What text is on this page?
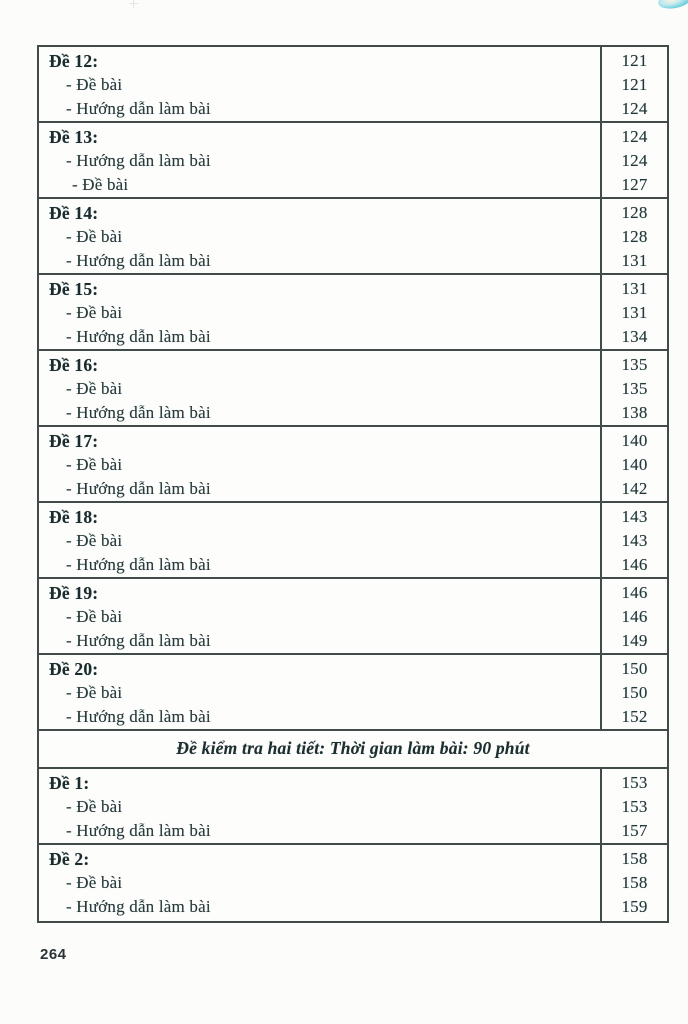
Đề 12:
- Đề bài
- Hướng dẫn làm bài
121
121
124
Đề 13:
- Hướng dẫn làm bài
- Đề bài
124
124
127
Đề 14:
- Đề bài
- Hướng dẫn làm bài
128
128
131
Đề 15:
- Đề bài
- Hướng dẫn làm bài
131
131
134
Đề 16:
- Đề bài
- Hướng dẫn làm bài
135
135
138
Đề 17:
- Đề bài
- Hướng dẫn làm bài
140
140
142
Đề 18:
- Đề bài
- Hướng dẫn làm bài
143
143
146
Đề 19:
- Đề bài
- Hướng dẫn làm bài
146
146
149
Đề 20:
- Đề bài
- Hướng dẫn làm bài
150
150
152
Đề kiểm tra hai tiết: Thời gian làm bài: 90 phút
Đề 1:
- Đề bài
- Hướng dẫn làm bài
153
153
157
Đề 2:
- Đề bài
- Hướng dẫn làm bài
158
158
159
264
